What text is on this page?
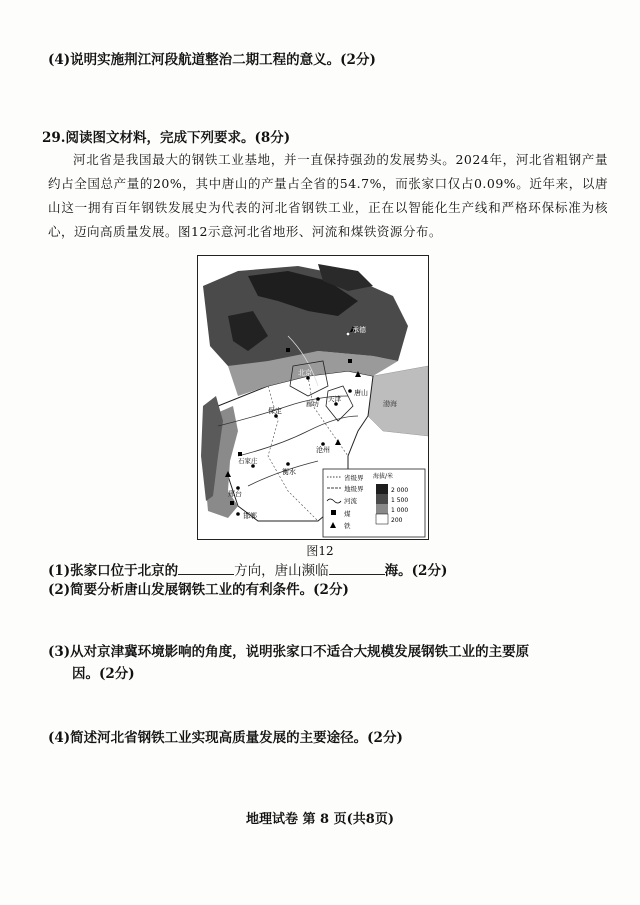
(4)说明实施荆江河段航道整治二期工程的意义。(2分)
29.阅读图文材料，完成下列要求。(8分)
河北省是我国最大的钢铁工业基地，并一直保持强劲的发展势头。2024年，河北省粗钢产量约占全国总产量的20%，其中唐山的产量占全省的54.7%，而张家口仅占0.09%。近年来，以唐山这一拥有百年钢铁发展史为代表的河北省钢铁工业，正在以智能化生产线和严格环保标准为核心，迈向高质量发展。图12示意河北省地形、河流和煤铁资源分布。
承德
北京
廊坊
天津
唐山
保定
渤海
沧州
石家庄
衡水
邢台
邯郸
省级界
地级界
河流
煤
铁
海拔/米
2 000
1 500
1 000
200
图12
(1)张家口位于北京的	方向，唐山濒临	海。(2分)
(2)简要分析唐山发展钢铁工业的有利条件。(2分)
(3)从对京津冀环境影响的角度，说明张家口不适合大规模发展钢铁工业的主要原
因。(2分)
(4)简述河北省钢铁工业实现高质量发展的主要途径。(2分)
地理试卷 第 8 页(共8页)
